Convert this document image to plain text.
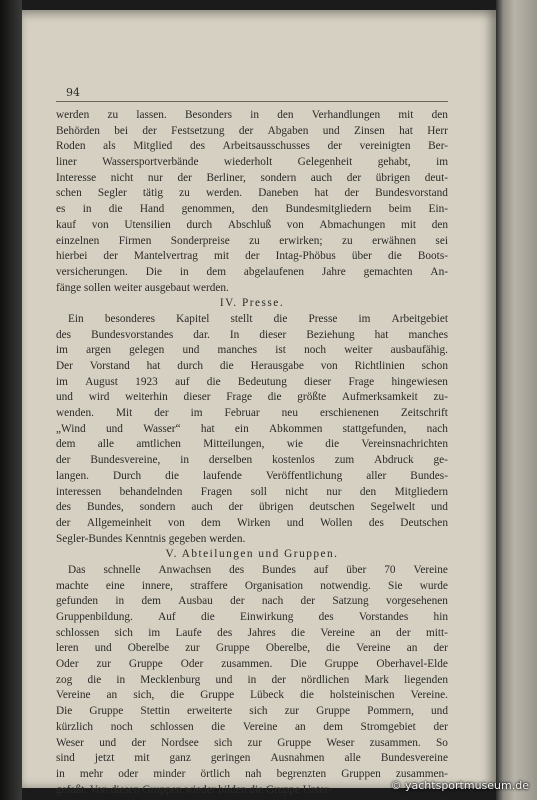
94
werden zu lassen. Besonders in den Verhandlungen mit den
Behörden bei der Festsetzung der Abgaben und Zinsen hat Herr
Roden als Mitglied des Arbeitsausschusses der vereinigten Ber-
liner Wassersportverbände wiederholt Gelegenheit gehabt, im
Interesse nicht nur der Berliner, sondern auch der übrigen deut-
schen Segler tätig zu werden. Daneben hat der Bundesvorstand
es in die Hand genommen, den Bundesmitgliedern beim Ein-
kauf von Utensilien durch Abschluß von Abmachungen mit den
einzelnen Firmen Sonderpreise zu erwirken; zu erwähnen sei
hierbei der Mantelvertrag mit der Intag-Phöbus über die Boots-
versicherungen. Die in dem abgelaufenen Jahre gemachten An-
fänge sollen weiter ausgebaut werden.
IV. Presse.
Ein besonderes Kapitel stellt die Presse im Arbeitgebiet
des Bundesvorstandes dar. In dieser Beziehung hat manches
im argen gelegen und manches ist noch weiter ausbaufähig.
Der Vorstand hat durch die Herausgabe von Richtlinien schon
im August 1923 auf die Bedeutung dieser Frage hingewiesen
und wird weiterhin dieser Frage die größte Aufmerksamkeit zu-
wenden. Mit der im Februar neu erschienenen Zeitschrift
„Wind und Wasser“ hat ein Abkommen stattgefunden, nach
dem alle amtlichen Mitteilungen, wie die Vereinsnachrichten
der Bundesvereine, in derselben kostenlos zum Abdruck ge-
langen. Durch die laufende Veröffentlichung aller Bundes-
interessen behandelnden Fragen soll nicht nur den Mitgliedern
des Bundes, sondern auch der übrigen deutschen Segelwelt und
der Allgemeinheit von dem Wirken und Wollen des Deutschen
Segler-Bundes Kenntnis gegeben werden.
V. Abteilungen und Gruppen.
Das schnelle Anwachsen des Bundes auf über 70 Vereine
machte eine innere, straffere Organisation notwendig. Sie wurde
gefunden in dem Ausbau der nach der Satzung vorgesehenen
Gruppenbildung. Auf die Einwirkung des Vorstandes hin
schlossen sich im Laufe des Jahres die Vereine an der mitt-
leren und Oberelbe zur Gruppe Oberelbe, die Vereine an der
Oder zur Gruppe Oder zusammen. Die Gruppe Oberhavel-Elde
zog die in Mecklenburg und in der nördlichen Mark liegenden
Vereine an sich, die Gruppe Lübeck die holsteinischen Vereine.
Die Gruppe Stettin erweiterte sich zur Gruppe Pommern, und
kürzlich noch schlossen die Vereine an dem Stromgebiet der
Weser und der Nordsee sich zur Gruppe Weser zusammen. So
sind jetzt mit ganz geringen Ausnahmen alle Bundesvereine
in mehr oder minder örtlich nah begrenzten Gruppen zusammen-
gefaßt. Von diesen Gruppen wieder bilden die Gruppe Unter-	© yachtsportmuseum.de
